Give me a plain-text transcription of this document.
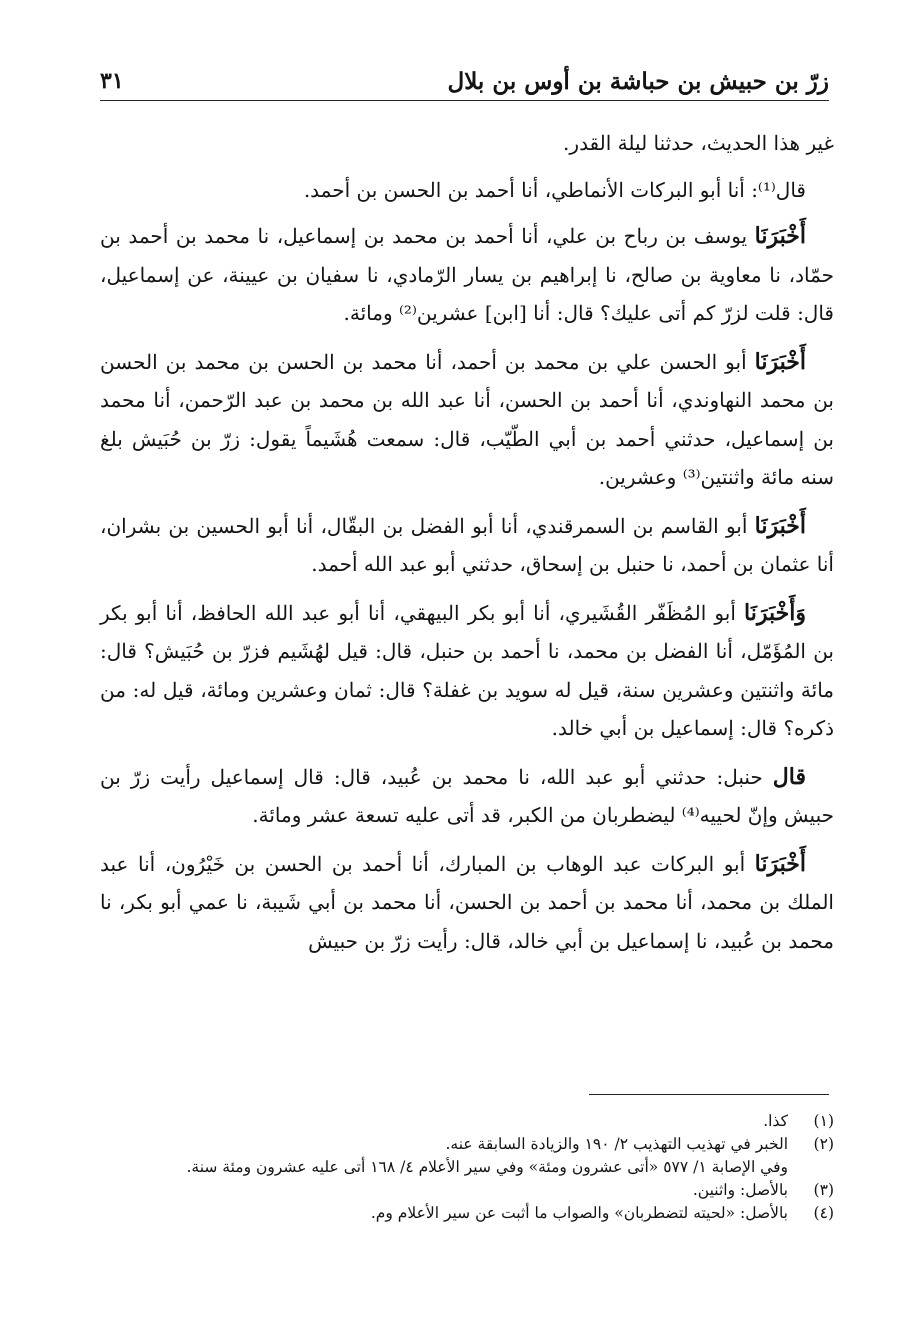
زرّ بن حبيش بن حباشة بن أوس بن بلال
٣١

غير هذا الحديث، حدثنا ليلة القدر.

قال⁽¹⁾: أنا أبو البركات الأنماطي، أنا أحمد بن الحسن بن أحمد.

أَخْبَرَنَا يوسف بن رباح بن علي، أنا أحمد بن محمد بن إسماعيل، نا محمد بن أحمد بن حمّاد، نا معاوية بن صالح، نا إبراهيم بن يسار الرّمادي، نا سفيان بن عيينة، عن إسماعيل، قال: قلت لزرّ كم أتى عليك؟ قال: أنا [ابن] عشرين⁽²⁾ ومائة.

أَخْبَرَنَا أبو الحسن علي بن محمد بن أحمد، أنا محمد بن الحسن بن محمد بن الحسن بن محمد النهاوندي، أنا أحمد بن الحسن، أنا عبد الله بن محمد بن عبد الرّحمن، أنا محمد بن إسماعيل، حدثني أحمد بن أبي الطّيّب، قال: سمعت هُشَيماً يقول: زرّ بن حُبَيش بلغ سنه مائة واثنتين⁽³⁾ وعشرين.

أَخْبَرَنَا أبو القاسم بن السمرقندي، أنا أبو الفضل بن البقّال، أنا أبو الحسين بن بشران، أنا عثمان بن أحمد، نا حنبل بن إسحاق، حدثني أبو عبد الله أحمد.

وَأَخْبَرَنَا أبو المُظَفّر القُشَيري، أنا أبو بكر البيهقي، أنا أبو عبد الله الحافظ، أنا أبو بكر بن المُؤَمّل، أنا الفضل بن محمد، نا أحمد بن حنبل، قال: قيل لهُشَيم فزرّ بن حُبَيش؟ قال: مائة واثنتين وعشرين سنة، قيل له سويد بن غفلة؟ قال: ثمان وعشرين ومائة، قيل له: من ذكره؟ قال: إسماعيل بن أبي خالد.

قال حنبل: حدثني أبو عبد الله، نا محمد بن عُبيد، قال: قال إسماعيل رأيت زرّ بن حبيش وإنّ لحييه⁽⁴⁾ ليضطربان من الكبر، قد أتى عليه تسعة عشر ومائة.

أَخْبَرَنَا أبو البركات عبد الوهاب بن المبارك، أنا أحمد بن الحسن بن خَيْرُون، أنا عبد الملك بن محمد، أنا محمد بن أحمد بن الحسن، أنا محمد بن أبي شَيبة، نا عمي أبو بكر، نا محمد بن عُبيد، نا إسماعيل بن أبي خالد، قال: رأيت زرّ بن حبيش

(١)
كذا.
(٢)
الخبر في تهذيب التهذيب ٢/ ١٩٠ والزيادة السابقة عنه.
وفي الإصابة ١/ ٥٧٧ «أتى عشرون ومئة» وفي سير الأعلام ٤/ ١٦٨ أتى عليه عشرون ومئة سنة.
(٣)
بالأصل: واثنين.
(٤)
بالأصل: «لحيته لتضطربان» والصواب ما أثبت عن سير الأعلام وم.
